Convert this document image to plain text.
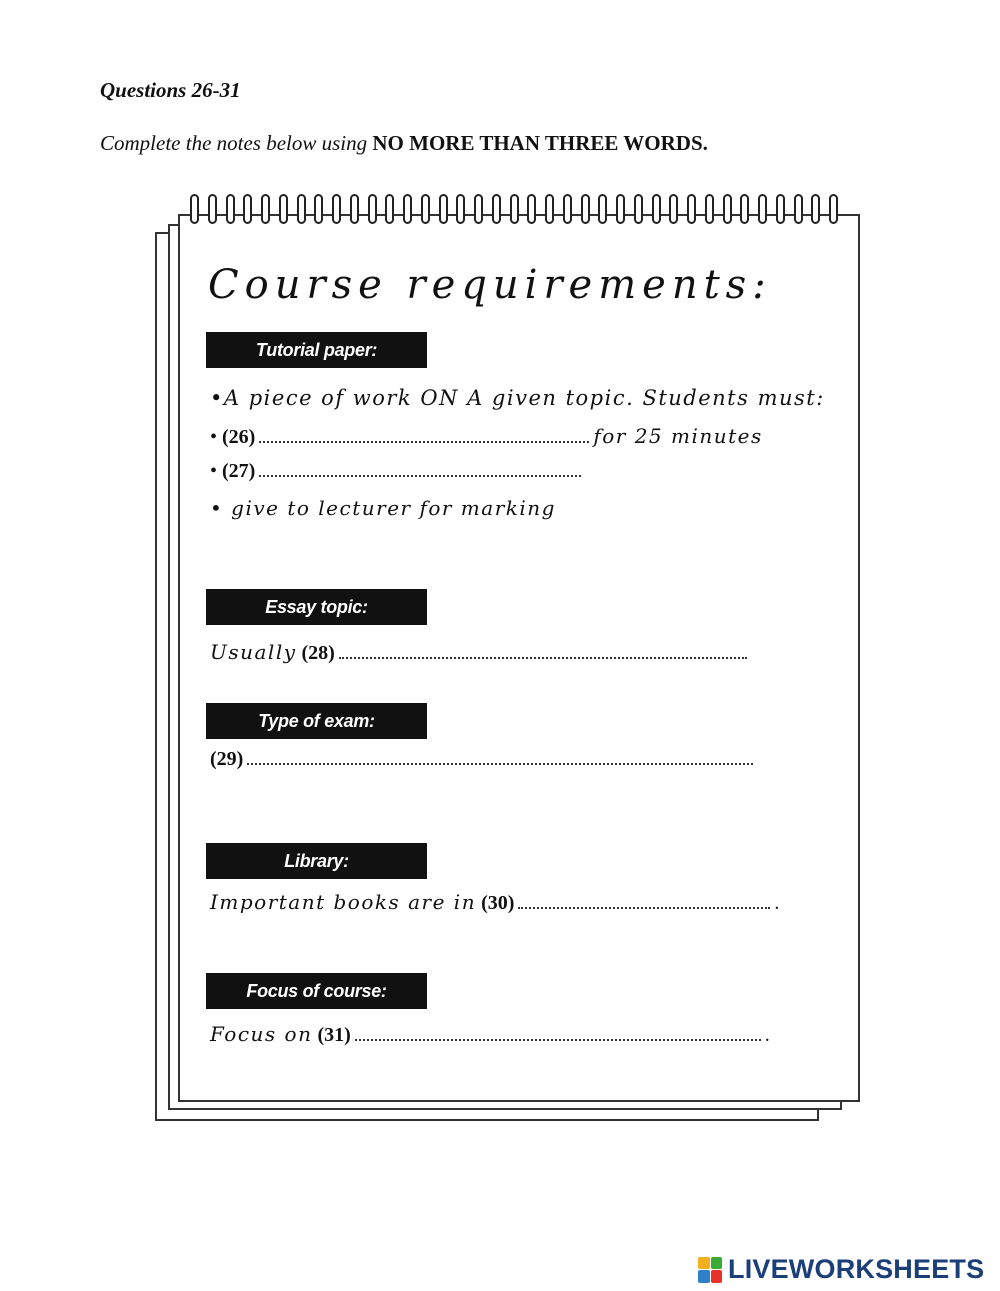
Questions 26-31
Complete the notes below using NO MORE THAN THREE WORDS.
Course requirements:
Tutorial paper:
•A piece of work ON A given topic. Students must:
• (26)	for 25 minutes
• (27)
• give to lecturer for marking
Essay topic:
Usually (28)
Type of exam:
(29)
Library:
Important books are in (30)	.
Focus of course:
Focus on (31)	.
LIVEWORKSHEETS
